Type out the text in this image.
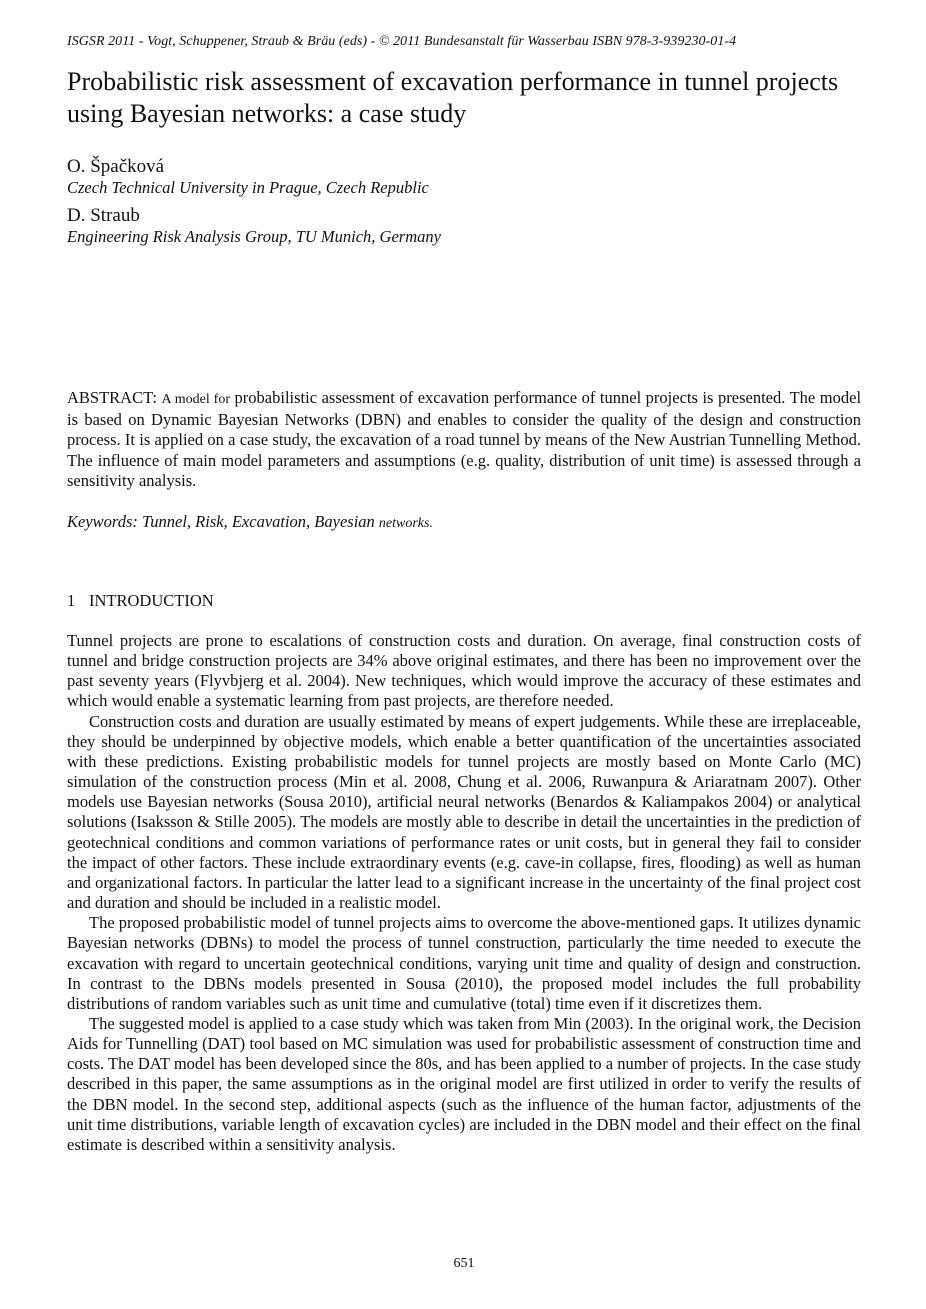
ISGSR 2011 - Vogt, Schuppener, Straub & Bräu (eds) - © 2011 Bundesanstalt für Wasserbau ISBN 978-3-939230-01-4
Probabilistic risk assessment of excavation performance in tunnel projects using Bayesian networks: a case study
O. Špačková
Czech Technical University in Prague, Czech Republic
D. Straub
Engineering Risk Analysis Group, TU Munich, Germany

ABSTRACT: A model for probabilistic assessment of excavation performance of tunnel projects is presented. The model is based on Dynamic Bayesian Networks (DBN) and enables to consider the quality of the design and construction process. It is applied on a case study, the excavation of a road tunnel by means of the New Austrian Tunnelling Method. The influence of main model parameters and assumptions (e.g. quality, distribution of unit time) is assessed through a sensitivity analysis.

Keywords: Tunnel, Risk, Excavation, Bayesian networks.
1 INTRODUCTION

Tunnel projects are prone to escalations of construction costs and duration. On average, final construction costs of tunnel and bridge construction projects are 34% above original estimates, and there has been no improvement over the past seventy years (Flyvbjerg et al. 2004). New techniques, which would improve the accuracy of these estimates and which would enable a systematic learning from past projects, are therefore needed.

Construction costs and duration are usually estimated by means of expert judgements. While these are irreplaceable, they should be underpinned by objective models, which enable a better quantification of the uncertainties associated with these predictions. Existing probabilistic models for tunnel projects are mostly based on Monte Carlo (MC) simulation of the construction process (Min et al. 2008, Chung et al. 2006, Ruwanpura & Ariaratnam 2007). Other models use Bayesian networks (Sousa 2010), artificial neural networks (Benardos & Kaliampakos 2004) or analytical solutions (Isaksson & Stille 2005). The models are mostly able to describe in detail the uncertainties in the prediction of geotechnical conditions and common variations of performance rates or unit costs, but in general they fail to consider the impact of other factors. These include extraordinary events (e.g. cave-in collapse, fires, flooding) as well as human and organizational factors. In particular the latter lead to a significant increase in the uncertainty of the final project cost and duration and should be included in a realistic model.

The proposed probabilistic model of tunnel projects aims to overcome the above-mentioned gaps. It utilizes dynamic Bayesian networks (DBNs) to model the process of tunnel construction, particularly the time needed to execute the excavation with regard to uncertain geotechnical conditions, varying unit time and quality of design and construction. In contrast to the DBNs models presented in Sousa (2010), the proposed model includes the full probability distributions of random variables such as unit time and cumulative (total) time even if it discretizes them.

The suggested model is applied to a case study which was taken from Min (2003). In the original work, the Decision Aids for Tunnelling (DAT) tool based on MC simulation was used for probabilistic assessment of construction time and costs. The DAT model has been developed since the 80s, and has been applied to a number of projects. In the case study described in this paper, the same assumptions as in the original model are first utilized in order to verify the results of the DBN model. In the second step, additional aspects (such as the influence of the human factor, adjustments of the unit time distributions, variable length of excavation cycles) are included in the DBN model and their effect on the final estimate is described within a sensitivity analysis.

651
